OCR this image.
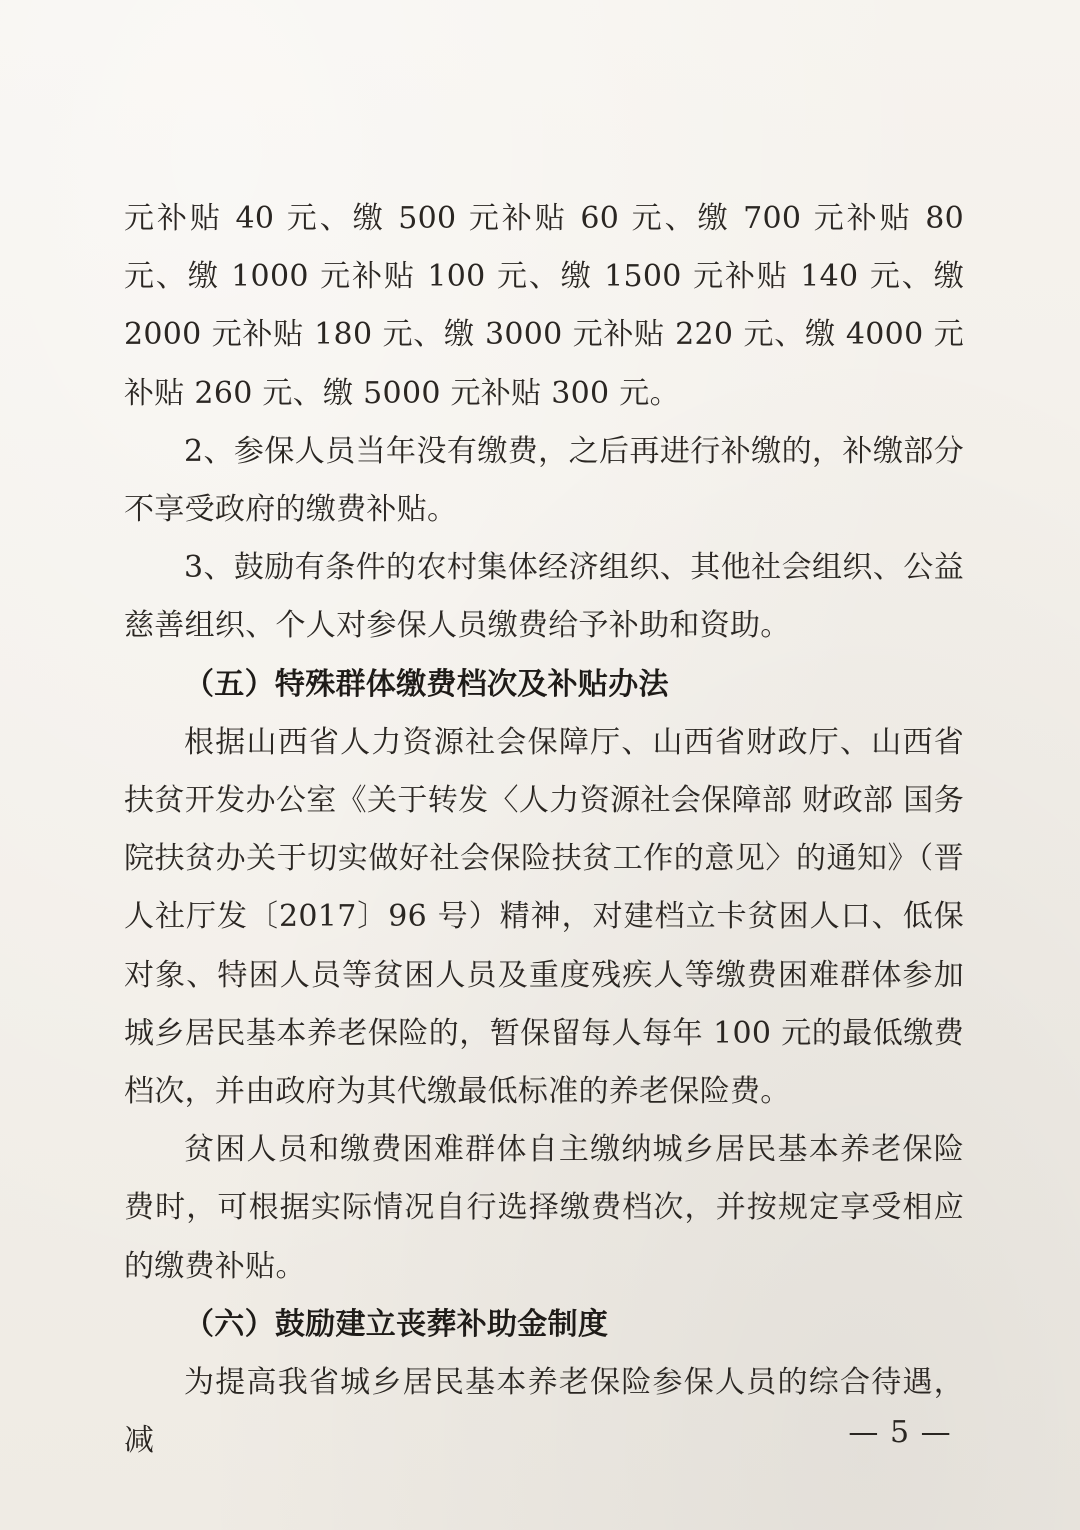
元补贴 40 元、缴 500 元补贴 60 元、缴 700 元补贴 80 元、缴 1000 元补贴 100 元、缴 1500 元补贴 140 元、缴 2000 元补贴 180 元、缴 3000 元补贴 220 元、缴 4000 元补贴 260 元、缴 5000 元补贴 300 元。

2、参保人员当年没有缴费，之后再进行补缴的，补缴部分不享受政府的缴费补贴。

3、鼓励有条件的农村集体经济组织、其他社会组织、公益慈善组织、个人对参保人员缴费给予补助和资助。

（五）特殊群体缴费档次及补贴办法

根据山西省人力资源社会保障厅、山西省财政厅、山西省扶贫开发办公室《关于转发〈人力资源社会保障部 财政部 国务院扶贫办关于切实做好社会保险扶贫工作的意见〉的通知》（晋人社厅发〔2017〕96 号）精神，对建档立卡贫困人口、低保对象、特困人员等贫困人员及重度残疾人等缴费困难群体参加城乡居民基本养老保险的，暂保留每人每年 100 元的最低缴费档次，并由政府为其代缴最低标准的养老保险费。

贫困人员和缴费困难群体自主缴纳城乡居民基本养老保险费时，可根据实际情况自行选择缴费档次，并按规定享受相应的缴费补贴。

（六）鼓励建立丧葬补助金制度

为提高我省城乡居民基本养老保险参保人员的综合待遇，减	— 5 —
